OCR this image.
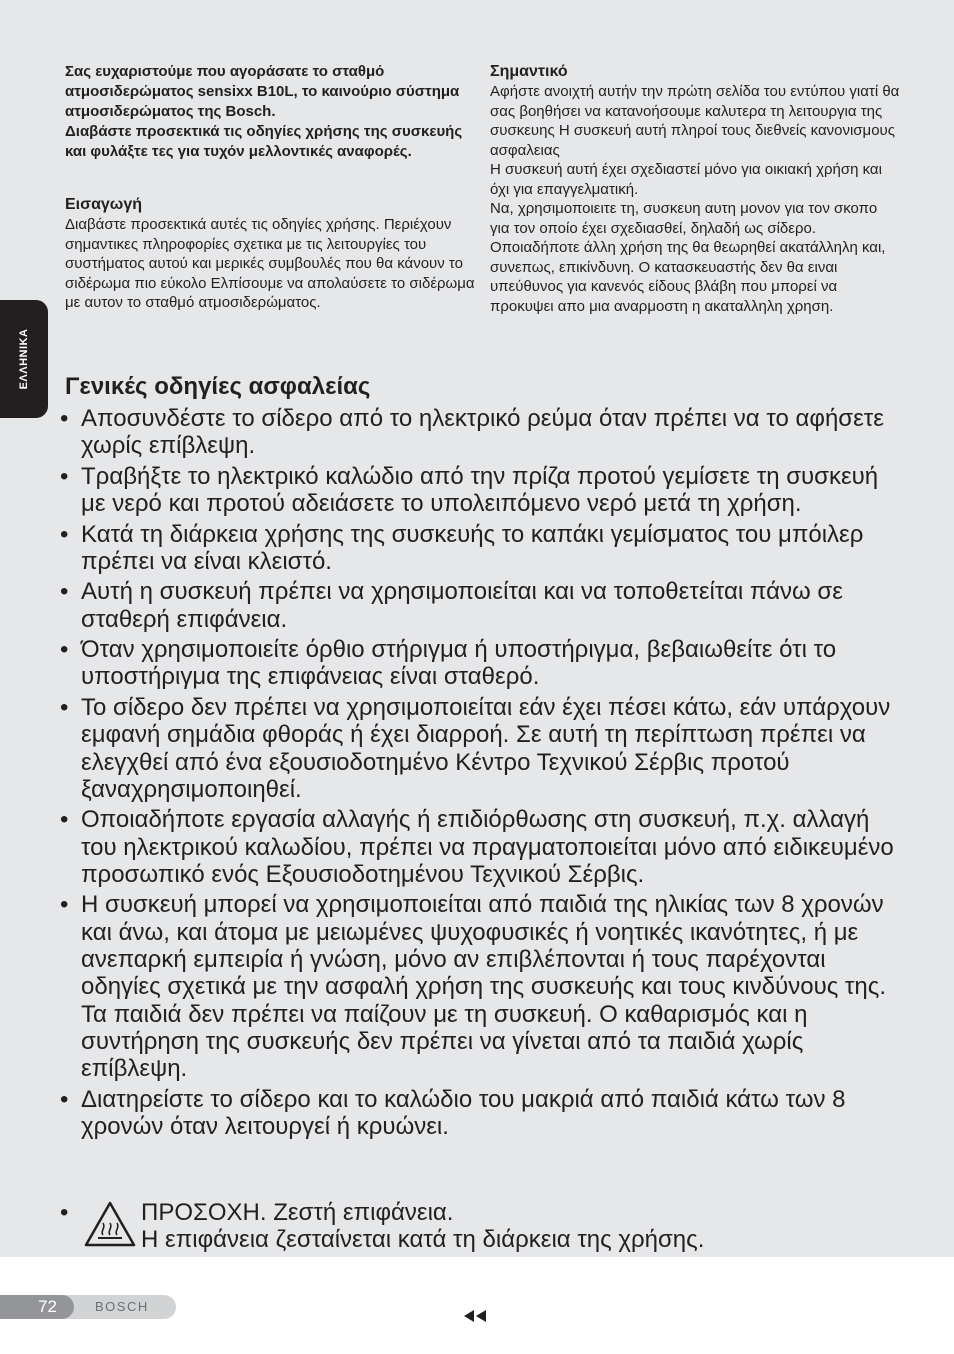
ΕΛΛΗΝΙΚΑ

Σας ευχαριστούμε που αγοράσατε το σταθμό ατμοσιδερώματος sensixx B10L, το καινούριο σύστημα ατμοσιδερώματος της Bosch.

Διαβάστε προσεκτικά τις οδηγίες χρήσης της συσκευής και φυλάξτε τες για τυχόν μελλοντικές αναφορές.

Εισαγωγή

Διαβάστε προσεκτικά αυτές τις οδηγίες χρήσης. Περιέχουν σημαντικες πληροφορίες σχετικα με τις λειτουργίες του συστήματος αυτού και μερικές συμβουλές που θα κάνουν το σιδέρωμα πιο εύκολο Ελπίσουμε να απολαύσετε το σιδέρωμα με αυτον το σταθμό ατμοσιδερώματος.

Σημαντικό

Αφήστε ανοιχτή αυτήν την πρώτη σελίδα του εντύπου γιατί θα σας βοηθήσει να κατανοήσουμε καλυτερα τη λειτουργια της συσκευης Η συσκευή αυτή πληροί τους διεθνείς κανονισμους ασφαλειας

Η συσκευή αυτή έχει σχεδιαστεί μόνο για οικιακή χρήση και όχι για επαγγελματική.

Να, χρησιμοποιειτε τη, συσκευη αυτη μονον για τον σκοπο για τον οποίο έχει σχεδιασθεί, δηλαδή ως σίδερο. Οποιαδήποτε άλλη χρήση της θα θεωρηθεί ακατάλληλη και, συνεπως, επικίνδυνη. Ο κατασκευαστής δεν θα ειναι υπεύθυνος για κανενός είδους βλάβη που μπορεί να προκυψει απο μια αναρμοστη η ακαταλληλη χρηση.

Γενικές οδηγίες ασφαλείας
• Αποσυνδέστε το σίδερο από το ηλεκτρικό ρεύμα όταν πρέπει να το αφήσετε χωρίς επίβλεψη.
• Τραβήξτε το ηλεκτρικό καλώδιο από την πρίζα προτού γεμίσετε τη συσκευή με νερό και προτού αδειάσετε το υπολειπόμενο νερό μετά τη χρήση.
• Κατά τη διάρκεια χρήσης της συσκευής το καπάκι γεμίσματος του μπόιλερ πρέπει να είναι κλειστό.
• Αυτή η συσκευή πρέπει να χρησιμοποιείται και να τοποθετείται πάνω σε σταθερή επιφάνεια.
• Όταν χρησιμοποιείτε όρθιο στήριγμα ή υποστήριγμα, βεβαιωθείτε ότι το υποστήριγμα της επιφάνειας είναι σταθερό.
• Το σίδερο δεν πρέπει να χρησιμοποιείται εάν έχει πέσει κάτω, εάν υπάρχουν εμφανή σημάδια φθοράς ή έχει διαρροή. Σε αυτή τη περίπτωση πρέπει να ελεγχθεί από ένα εξουσιοδοτημένο Κέντρο Τεχνικού Σέρβις προτού ξαναχρησιμοποιηθεί.
• Οποιαδήποτε εργασία αλλαγής ή επιδιόρθωσης στη συσκευή, π.χ. αλλαγή του ηλεκτρικού καλωδίου, πρέπει να πραγματοποιείται μόνο από ειδικευμένο προσωπικό ενός Εξουσιοδοτημένου Τεχνικού Σέρβις.
• Η συσκευή μπορεί να χρησιμοποιείται από παιδιά της ηλικίας των 8 χρονών και άνω, και άτομα με μειωμένες ψυχοφυσικές ή νοητικές ικανότητες, ή με ανεπαρκή εμπειρία ή γνώση, μόνο αν επιβλέπονται ή τους παρέχονται οδηγίες σχετικά με την ασφαλή χρήση της συσκευής και τους κινδύνους της. Τα παιδιά δεν πρέπει να παίζουν με τη συσκευή. Ο καθαρισμός και η συντήρηση της συσκευής δεν πρέπει να γίνεται από τα παιδιά χωρίς επίβλεψη.
• Διατηρείστε το σίδερο και το καλώδιο του μακριά από παιδιά κάτω των 8 χρονών όταν λειτουργεί ή κρυώνει.
•	ΠΡΟΣΟΧΗ. Ζεστή επιφάνεια.
Η επιφάνεια ζεσταίνεται κατά τη διάρκεια της χρήσης.
72	BOSCH
